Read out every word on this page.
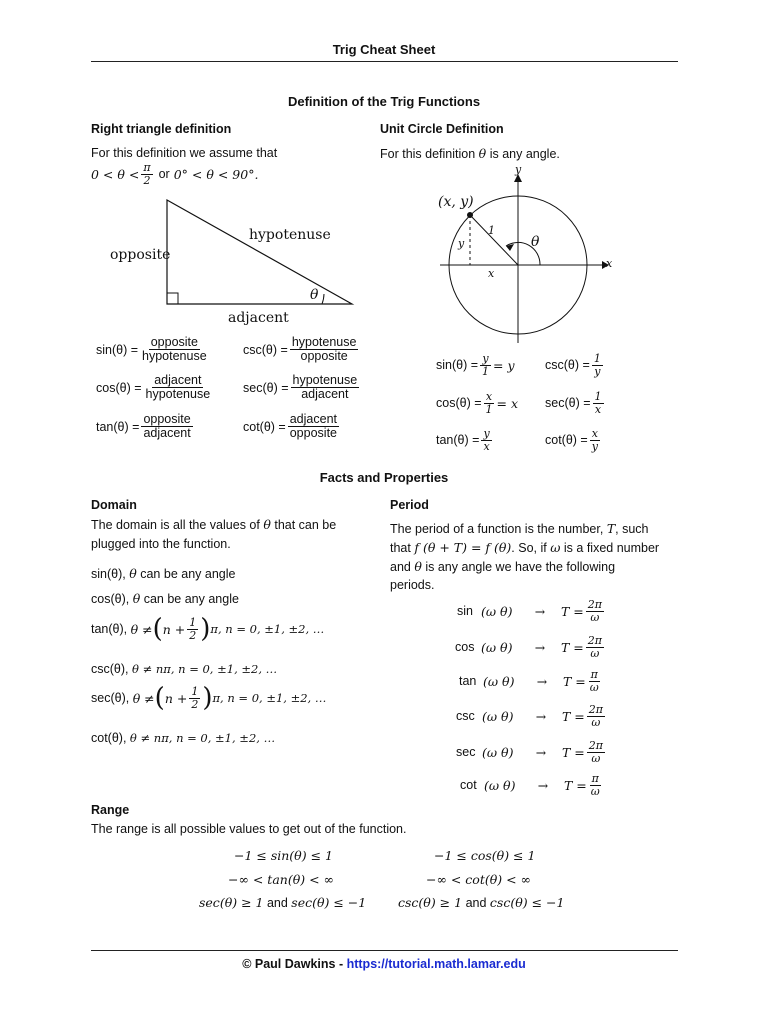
Trig Cheat Sheet
Definition of the Trig Functions
Right triangle definition
For this definition we assume that
$0 < \theta < \frac{\pi}{2}$ or 0° < θ < 90°.
hypotenuse
opposite
adjacent
θ
$\sin(\theta) = \frac{\text{opposite}}{\text{hypotenuse}}$	$\csc(\theta) = \frac{\text{hypotenuse}}{\text{opposite}}$
$\cos(\theta) = \frac{\text{adjacent}}{\text{hypotenuse}} \sec(\theta) = \frac{\text{hypotenuse}}{\text{adjacent}}$
$\tan(\theta) = \frac{\text{opposite}}{\text{adjacent}}$	$\cot(\theta) = \frac{\text{adjacent}}{\text{opposite}}$
Unit Circle Definition
For this definition θ is any angle.
(x, y)
y
x
1
θ
x
y
$\sin(\theta) = \frac{y}{1} = y$ $\csc(\theta) = \frac{1}{y}$
$\cos(\theta) = \frac{x}{1} = x$ $\sec(\theta) = \frac{1}{x}$
$\tan(\theta) = \frac{y}{x}$	$\cot(\theta) = \frac{x}{y}$
Facts and Properties
Domain
The domain is all the values of θ that can be
plugged into the function.
sin(θ), θ can be any angle
cos(θ), θ can be any angle
tan(θ),
θ ≠ ( $n + \frac{1}{2}$ ) π, n = 0, ±1, ±2, …
csc(θ), θ ≠ nπ, n = 0, ±1, ±2, …
sec(θ),
θ ≠ ( $n + \frac{1}{2}$ ) π, n = 0, ±1, ±2, …
cot(θ), θ ≠ nπ, n = 0, ±1, ±2, …
Period
The period of a function is the number, T, such
that f (θ + T) = f (θ). So, if ω is a fixed number
and θ is any angle we have the following
periods.
sin (ω θ)	→	$T = \frac{2\pi}{\omega}$
cos (ω θ)	→	$T = \frac{2\pi}{\omega}$
tan (ω θ)	→	$T = \frac{\pi}{\omega}$
csc (ω θ)	→	$T = \frac{2\pi}{\omega}$
sec (ω θ)	→	$T = \frac{2\pi}{\omega}$
cot (ω θ)	→	$T = \frac{\pi}{\omega}$
Range
The range is all possible values to get out of the function.
−1 ≤ sin(θ) ≤ 1	−1 ≤ cos(θ) ≤ 1
−∞ < tan(θ) < ∞	−∞ < cot(θ) < ∞
sec(θ) ≥ 1 and sec(θ) ≤ −1	csc(θ) ≥ 1 and csc(θ) ≤ −1
© Paul Dawkins - https://tutorial.math.lamar.edu
